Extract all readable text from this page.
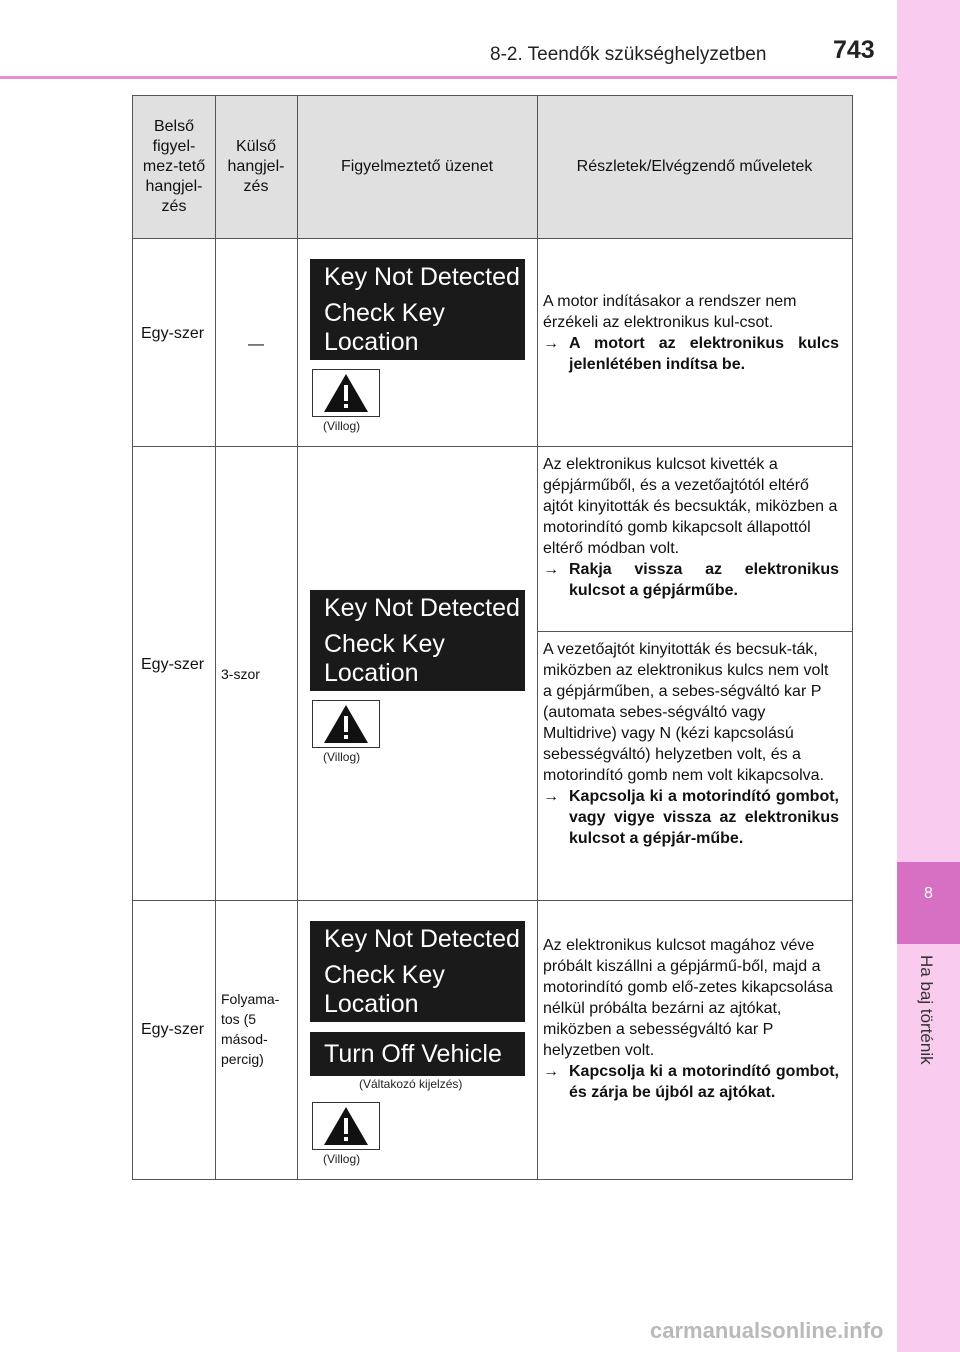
8-2. Teendők szükséghelyzetben	743
8
Ha baj történik
Belső figyel-mez-tető hangjel-zés
Külső hangjel-zés
Figyelmeztető üzenet	Részletek/Elvégzendő műveletek
Egy-szer
—
Key Not Detected
Check Key Location
(Villog)
A motor indításakor a rendszer nem érzékeli az elektronikus kul-csot.
→ A motort az elektronikus kulcs jelenlétében indítsa be.
Egy-szer
3-szor
Key Not Detected
Check Key Location
(Villog)
Az elektronikus kulcsot kivették a gépjárműből, és a vezetőajtótól eltérő ajtót kinyitották és becsukták, miközben a motorindító gomb kikapcsolt állapottól eltérő módban volt.
→ Rakja vissza az elektronikus kulcsot a gépjárműbe.
A vezetőajtót kinyitották és becsuk-ták, miközben az elektronikus kulcs nem volt a gépjárműben, a sebes-ségváltó kar P (automata sebes-ségváltó vagy Multidrive) vagy N (kézi kapcsolású sebességváltó) helyzetben volt, és a motorindító gomb nem volt kikapcsolva.
→ Kapcsolja ki a motorindító gombot, vagy vigye vissza az elektronikus kulcsot a gépjár-műbe.
Egy-szer
Folyama-tos (5 másod-percig)
Key Not Detected
Check Key Location
Turn Off Vehicle
(Váltakozó kijelzés)
(Villog)
Az elektronikus kulcsot magához véve próbált kiszállni a gépjármű-ből, majd a motorindító gomb elő-zetes kikapcsolása nélkül próbálta bezárni az ajtókat, miközben a sebességváltó kar P helyzetben volt.
→ Kapcsolja ki a motorindító gombot, és zárja be újból az ajtókat.
carmanualsonline.info
